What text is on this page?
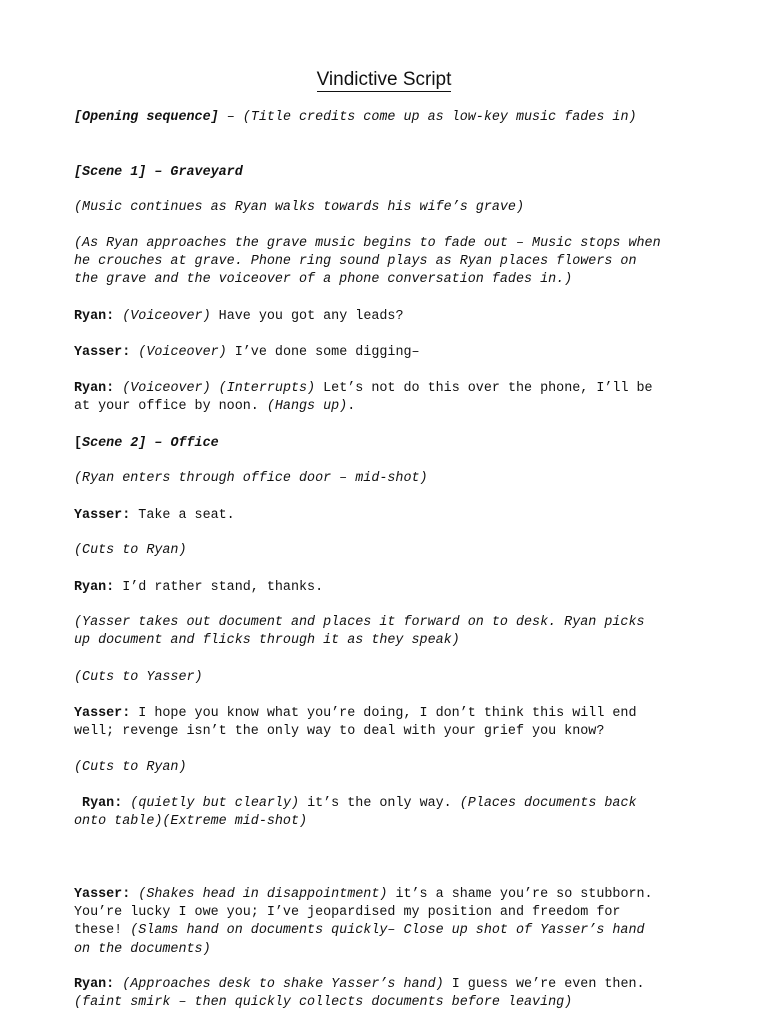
Vindictive Script

[Opening sequence] – (Title credits come up as low-key music fades in)

[Scene 1] – Graveyard

(Music continues as Ryan walks towards his wife’s grave)

(As Ryan approaches the grave music begins to fade out – Music stops when
he crouches at grave. Phone ring sound plays as Ryan places flowers on
the grave and the voiceover of a phone conversation fades in.)

Ryan: (Voiceover) Have you got any leads?

Yasser: (Voiceover) I’ve done some digging–

Ryan: (Voiceover) (Interrupts) Let’s not do this over the phone, I’ll be
at your office by noon. (Hangs up).

[Scene 2] – Office

(Ryan enters through office door – mid-shot)

Yasser: Take a seat.

(Cuts to Ryan)

Ryan: I’d rather stand, thanks.

(Yasser takes out document and places it forward on to desk. Ryan picks
up document and flicks through it as they speak)

(Cuts to Yasser)

Yasser: I hope you know what you’re doing, I don’t think this will end
well; revenge isn’t the only way to deal with your grief you know?

(Cuts to Ryan)

Ryan: (quietly but clearly) it’s the only way. (Places documents back
onto table)(Extreme mid-shot)

Yasser: (Shakes head in disappointment) it’s a shame you’re so stubborn.
You’re lucky I owe you; I’ve jeopardised my position and freedom for
these! (Slams hand on documents quickly– Close up shot of Yasser’s hand
on the documents)

Ryan: (Approaches desk to shake Yasser’s hand) I guess we’re even then.
(faint smirk – then quickly collects documents before leaving)
